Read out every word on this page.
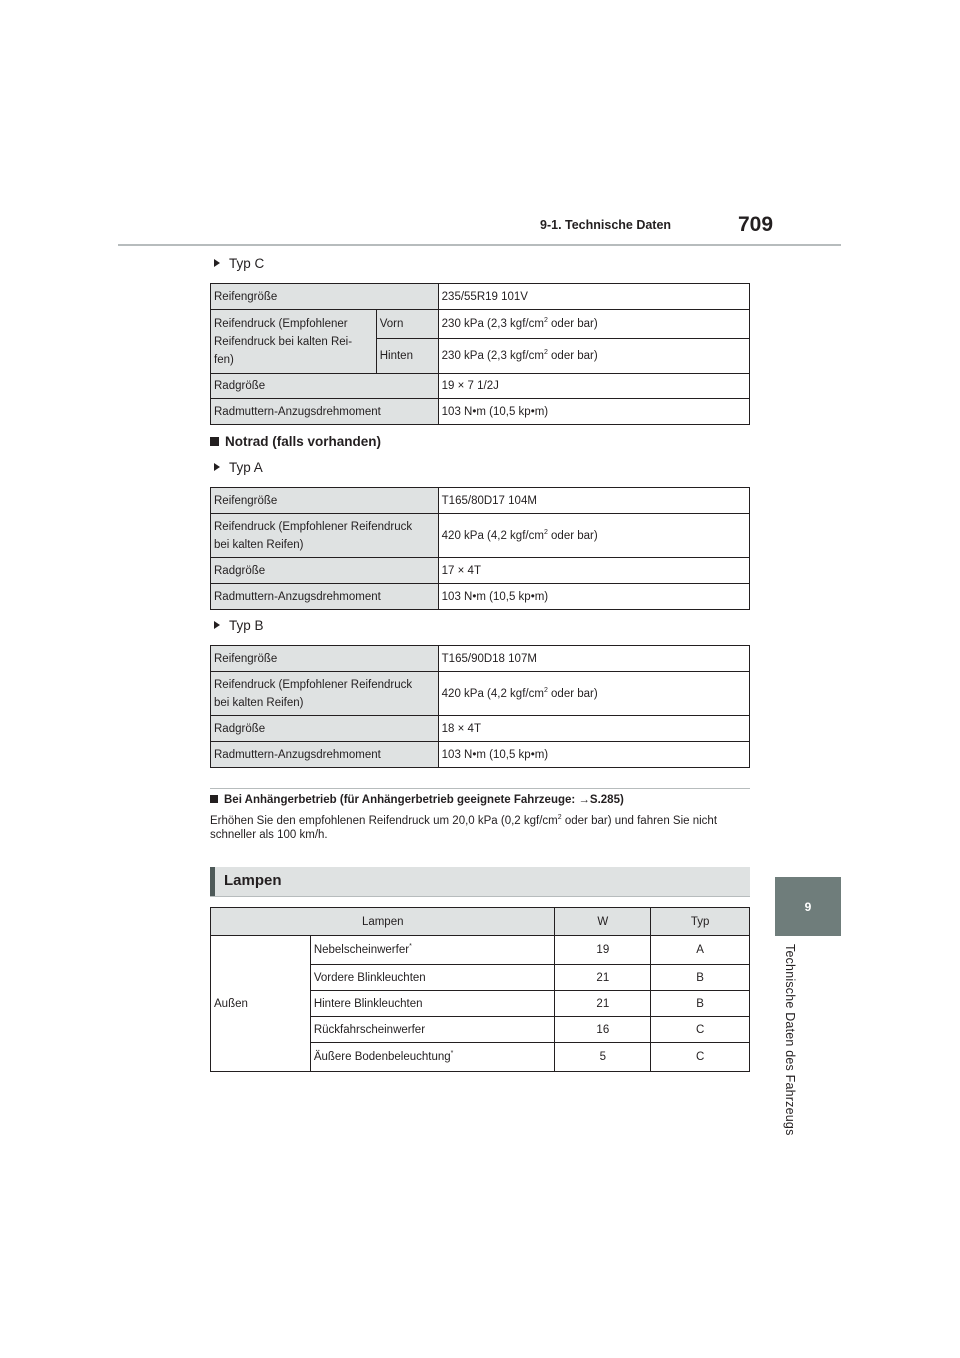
9-1. Technische Daten	709
9
Technische Daten des Fahrzeugs
Typ C
Reifengröße		235/55R19 101V

Reifendruck (Empfohlener
Reifendruck bei kalten Rei-
fen)	Vorn	230 kPa (2,3 kgf/$cm^2$ oder bar)
	Hinten	230 kPa (2,3 kgf/$cm^2$ oder bar)
Radgröße		19 × 7 1/2J
Radmuttern-Anzugsdrehmoment		103 N•m (10,5 kp•m)
Notrad (falls vorhanden)
Typ A
Reifengröße	T165/80D17 104M

Reifendruck (Empfohlener Reifendruck
bei kalten Reifen)	420 kPa (4,2 kgf/$cm^2$ oder bar)
Radgröße	17 × 4T
Radmuttern-Anzugsdrehmoment	103 N•m (10,5 kp•m)
Typ B
Reifengröße	T165/90D18 107M

Reifendruck (Empfohlener Reifendruck
bei kalten Reifen)	420 kPa (4,2 kgf/$cm^2$ oder bar)
Radgröße	18 × 4T
Radmuttern-Anzugsdrehmoment	103 N•m (10,5 kp•m)
Bei Anhängerbetrieb (für Anhängerbetrieb geeignete Fahrzeuge: →S.285)
Erhöhen Sie den empfohlenen Reifendruck um 20,0 kPa (0,2 kgf/$cm^2$ oder bar) und fahren Sie nicht schneller als 100 km/h.
Lampen
Lampen		W	Typ
Außen	Nebelscheinwerfer*	19	A
	Vordere Blinkleuchten	21	B
	Hintere Blinkleuchten	21	B
	Rückfahrscheinwerfer	16	C
	Äußere Bodenbeleuchtung*	5	C
